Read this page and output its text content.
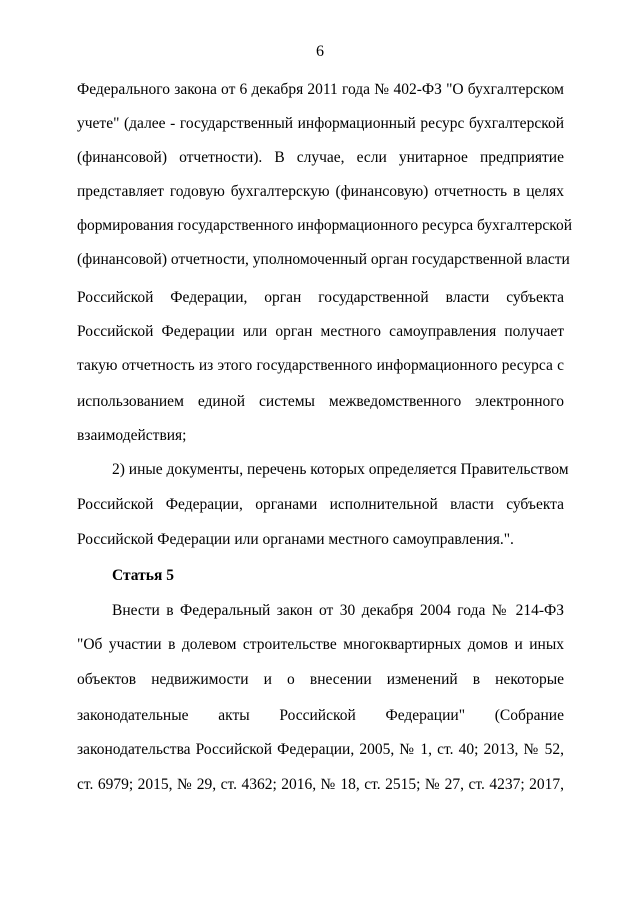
6
Федерального закона от 6 декабря 2011 года № 402-ФЗ "О бухгалтерском
учете" (далее - государственный информационный ресурс бухгалтерской
(финансовой) отчетности). В случае, если унитарное предприятие
представляет годовую бухгалтерскую (финансовую) отчетность в целях
формирования государственного информационного ресурса бухгалтерской
(финансовой) отчетности, уполномоченный орган государственной власти
Российской Федерации, орган государственной власти субъекта
Российской Федерации или орган местного самоуправления получает
такую отчетность из этого государственного информационного ресурса с
использованием единой системы межведомственного электронного
взаимодействия;
2) иные документы, перечень которых определяется Правительством
Российской Федерации, органами исполнительной власти субъекта
Российской Федерации или органами местного самоуправления.".
Статья 5
Внести в Федеральный закон от 30 декабря 2004 года № 214-ФЗ
"Об участии в долевом строительстве многоквартирных домов и иных
объектов недвижимости и о внесении изменений в некоторые
законодательные акты Российской Федерации" (Собрание
законодательства Российской Федерации, 2005, № 1, ст. 40; 2013, № 52,
ст. 6979; 2015, № 29, ст. 4362; 2016, № 18, ст. 2515; № 27, ст. 4237; 2017,
